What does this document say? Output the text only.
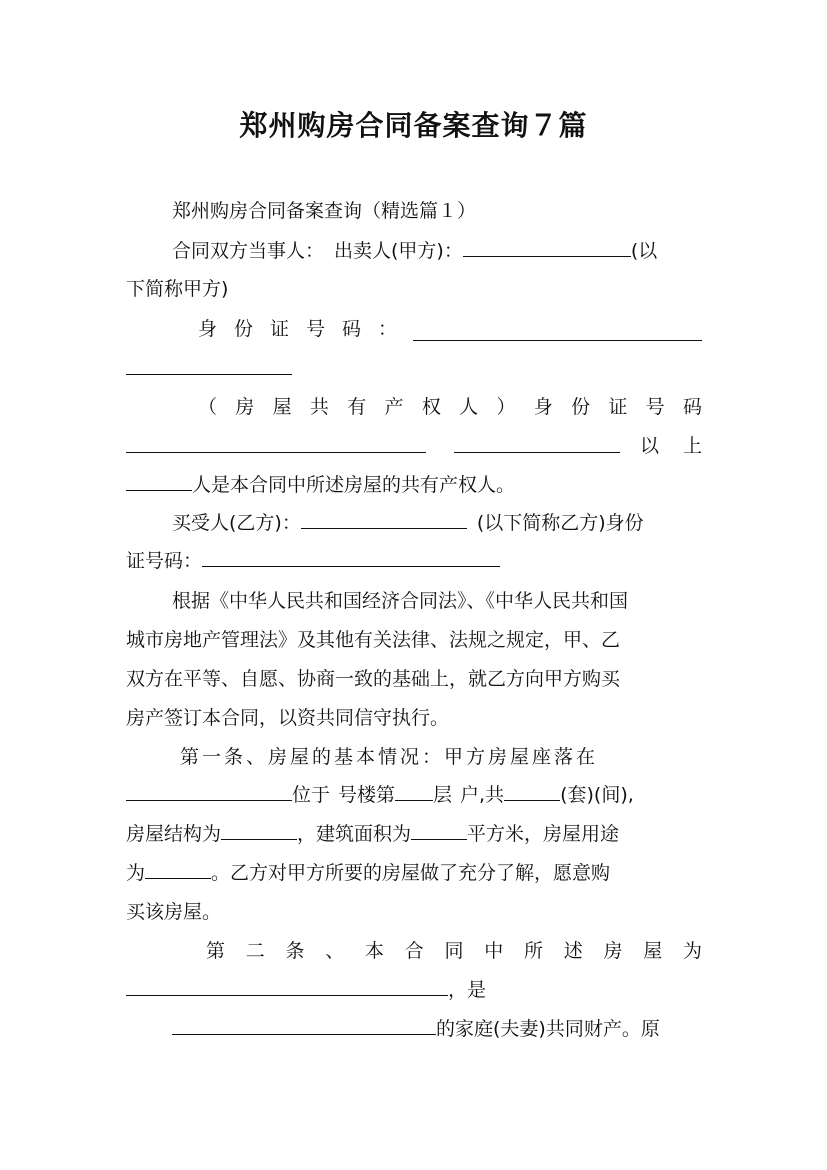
郑州购房合同备案查询７篇
郑州购房合同备案查询（精选篇１）
合同双方当事人： 出卖人(甲方)：	(以
下简称甲方)
身份证号码：
（房屋共有产权人）身份证号码
以上
人是本合同中所述房屋的共有产权人。
买受人(乙方)：	(以下简称乙方)身份
证号码：
根据《中华人民共和国经济合同法》、《中华人民共和国
城市房地产管理法》及其他有关法律、法规之规定，甲、乙
双方在平等、自愿、协商一致的基础上，就乙方向甲方购买
房产签订本合同，以资共同信守执行。
第一条、房屋的基本情况：甲方房屋座落在
位于 号楼第 层 户,共	(套)(间),
房屋结构为	，建筑面积为	平方米，房屋用途
为	。乙方对甲方所要的房屋做了充分了解，愿意购
买该房屋。
第二条、本合同中所述房屋为
，是
的家庭(夫妻)共同财产。原
